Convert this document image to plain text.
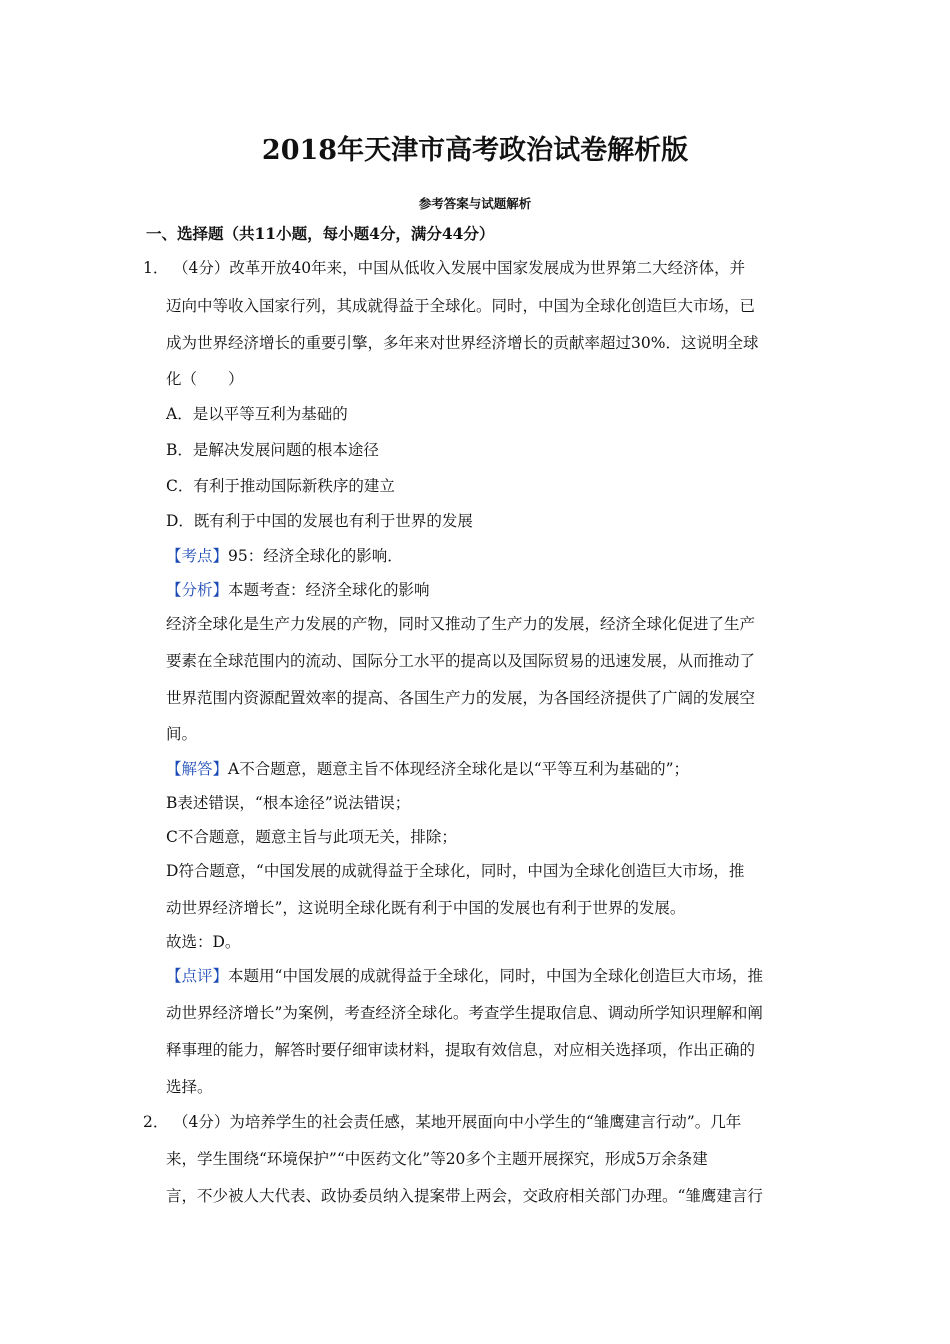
2018年天津市高考政治试卷解析版
参考答案与试题解析
一、选择题（共11小题，每小题4分，满分44分）
1． （4分）改革开放40年来，中国从低收入发展中国家发展成为世界第二大经济体，并
迈向中等收入国家行列，其成就得益于全球化。同时，中国为全球化创造巨大市场，已
成为世界经济增长的重要引擎，多年来对世界经济增长的贡献率超过30%．这说明全球
化（　　）
A．是以平等互利为基础的
B．是解决发展问题的根本途径
C．有利于推动国际新秩序的建立
D．既有利于中国的发展也有利于世界的发展
【考点】95：经济全球化的影响．
【分析】本题考查：经济全球化的影响
经济全球化是生产力发展的产物，同时又推动了生产力的发展，经济全球化促进了生产
要素在全球范围内的流动、国际分工水平的提高以及国际贸易的迅速发展，从而推动了
世界范围内资源配置效率的提高、各国生产力的发展，为各国经济提供了广阔的发展空
间。
【解答】A不合题意，题意主旨不体现经济全球化是以“平等互利为基础的”；
B表述错误，“根本途径”说法错误；
C不合题意，题意主旨与此项无关，排除；
D符合题意，“中国发展的成就得益于全球化，同时，中国为全球化创造巨大市场，推
动世界经济增长”，这说明全球化既有利于中国的发展也有利于世界的发展。
故选：D。
【点评】本题用“中国发展的成就得益于全球化，同时，中国为全球化创造巨大市场，推
动世界经济增长”为案例，考查经济全球化。考查学生提取信息、调动所学知识理解和阐
释事理的能力，解答时要仔细审读材料，提取有效信息，对应相关选择项，作出正确的
选择。
2． （4分）为培养学生的社会责任感，某地开展面向中小学生的“雏鹰建言行动”。几年
来，学生围绕“环境保护”“中医药文化”等20多个主题开展探究，形成5万余条建
言，不少被人大代表、政协委员纳入提案带上两会，交政府相关部门办理。“雏鹰建言行
